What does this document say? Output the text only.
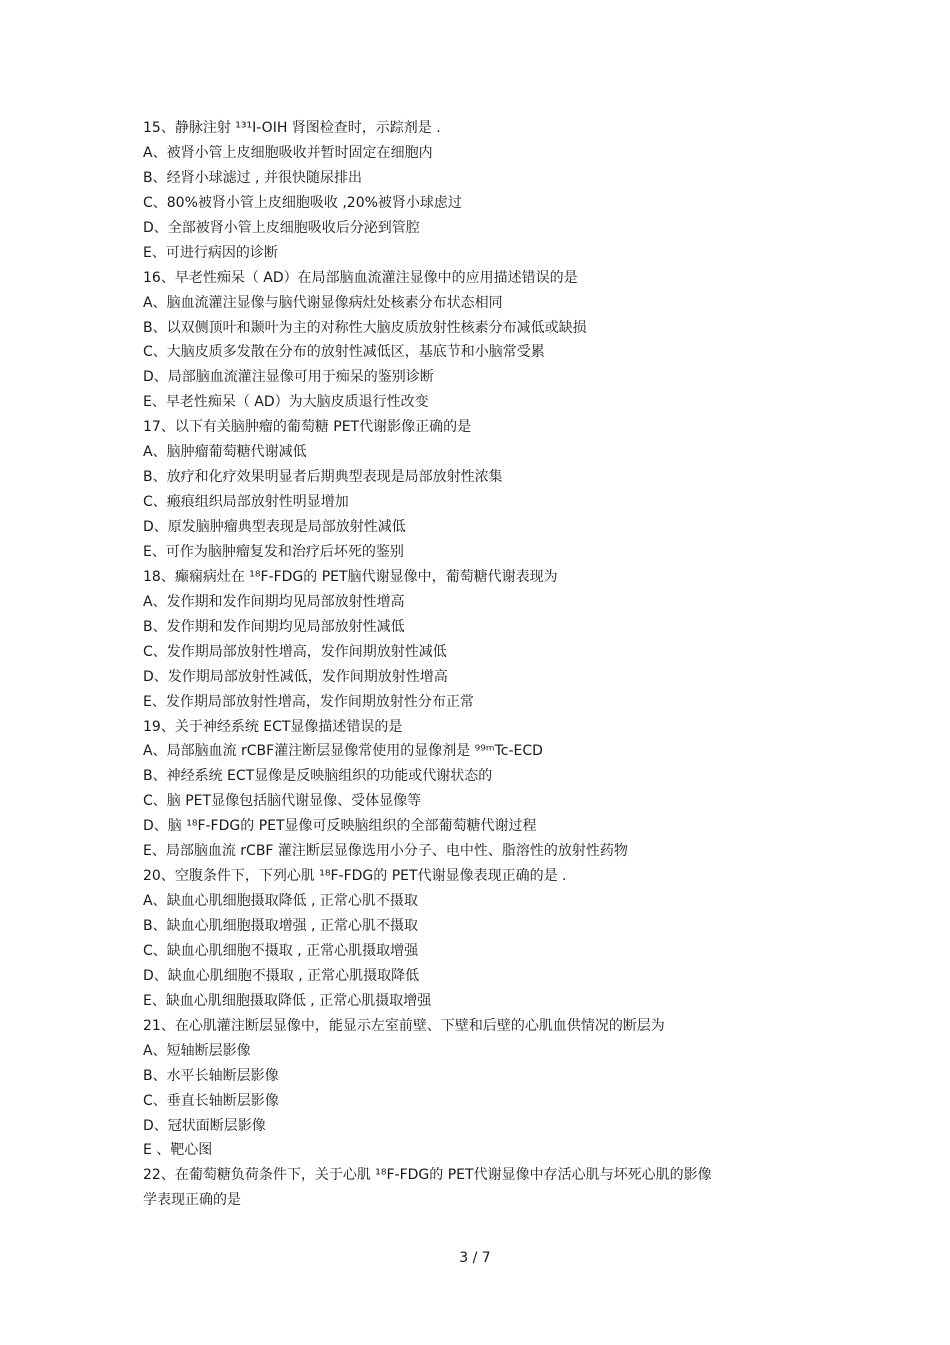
15、静脉注射 ¹³¹I-OIH 肾图检查时，示踪剂是 .
A、被肾小管上皮细胞吸收并暂时固定在细胞内
B、经肾小球滤过 , 并很快随尿排出
C、80%被肾小管上皮细胞吸收 ,20%被肾小球虑过
D、全部被肾小管上皮细胞吸收后分泌到管腔
E、可进行病因的诊断
16、早老性痴呆（ AD）在局部脑血流灌注显像中的应用描述错误的是
A、脑血流灌注显像与脑代谢显像病灶处核素分布状态相同
B、以双侧顶叶和颞叶为主的对称性大脑皮质放射性核素分布减低或缺损
C、大脑皮质多发散在分布的放射性减低区，基底节和小脑常受累
D、局部脑血流灌注显像可用于痴呆的鉴别诊断
E、早老性痴呆（ AD）为大脑皮质退行性改变
17、以下有关脑肿瘤的葡萄糖 PET代谢影像正确的是
A、脑肿瘤葡萄糖代谢减低
B、放疗和化疗效果明显者后期典型表现是局部放射性浓集
C、瘢痕组织局部放射性明显增加
D、原发脑肿瘤典型表现是局部放射性减低
E、可作为脑肿瘤复发和治疗后坏死的鉴别
18、癫痫病灶在 ¹⁸F-FDG的 PET脑代谢显像中，葡萄糖代谢表现为
A、发作期和发作间期均见局部放射性增高
B、发作期和发作间期均见局部放射性减低
C、发作期局部放射性增高，发作间期放射性减低
D、发作期局部放射性减低，发作间期放射性增高
E、发作期局部放射性增高，发作间期放射性分布正常
19、关于神经系统 ECT显像描述错误的是
A、局部脑血流 rCBF灌注断层显像常使用的显像剂是 ⁹⁹ᵐTc-ECD
B、神经系统 ECT显像是反映脑组织的功能或代谢状态的
C、脑 PET显像包括脑代谢显像、受体显像等
D、脑 ¹⁸F-FDG的 PET显像可反映脑组织的全部葡萄糖代谢过程
E、局部脑血流 rCBF 灌注断层显像选用小分子、电中性、脂溶性的放射性药物
20、空腹条件下，下列心肌 ¹⁸F-FDG的 PET代谢显像表现正确的是 .
A、缺血心肌细胞摄取降低 , 正常心肌不摄取
B、缺血心肌细胞摄取增强 , 正常心肌不摄取
C、缺血心肌细胞不摄取 , 正常心肌摄取增强
D、缺血心肌细胞不摄取 , 正常心肌摄取降低
E、缺血心肌细胞摄取降低 , 正常心肌摄取增强
21、在心肌灌注断层显像中，能显示左室前壁、下壁和后壁的心肌血供情况的断层为
A、短轴断层影像
B、水平长轴断层影像
C、垂直长轴断层影像
D、冠状面断层影像
E 、靶心图
22、在葡萄糖负荷条件下，关于心肌 ¹⁸F-FDG的 PET代谢显像中存活心肌与坏死心肌的影像
学表现正确的是
3 / 7
